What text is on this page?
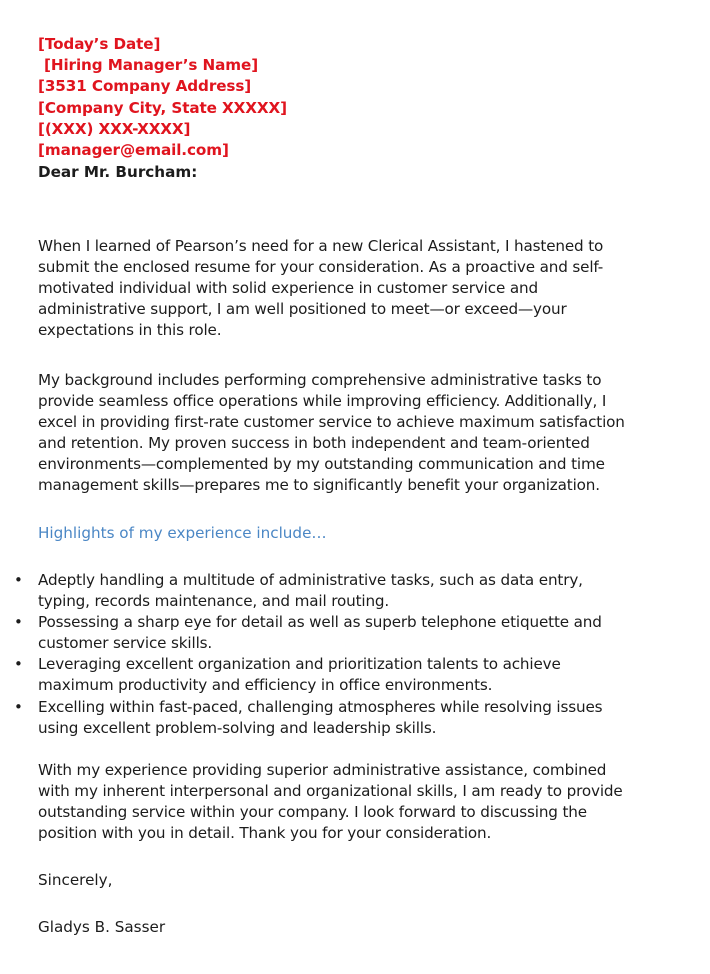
[Today’s Date]
[Hiring Manager’s Name]
[3531 Company Address]
[Company City, State XXXXX]
[(XXX) XXX-XXXX]
[manager@email.com]
Dear Mr. Burcham:
When I learned of Pearson’s need for a new Clerical Assistant, I hastened to
submit the enclosed resume for your consideration. As a proactive and self-
motivated individual with solid experience in customer service and
administrative support, I am well positioned to meet—or exceed—your
expectations in this role.
My background includes performing comprehensive administrative tasks to
provide seamless office operations while improving efficiency. Additionally, I
excel in providing first-rate customer service to achieve maximum satisfaction
and retention. My proven success in both independent and team-oriented
environments—complemented by my outstanding communication and time
management skills—prepares me to significantly benefit your organization.
Highlights of my experience include…
• Adeptly handling a multitude of administrative tasks, such as data entry,
typing, records maintenance, and mail routing.
• Possessing a sharp eye for detail as well as superb telephone etiquette and
customer service skills.
• Leveraging excellent organization and prioritization talents to achieve
maximum productivity and efficiency in office environments.
• Excelling within fast-paced, challenging atmospheres while resolving issues
using excellent problem-solving and leadership skills.
With my experience providing superior administrative assistance, combined
with my inherent interpersonal and organizational skills, I am ready to provide
outstanding service within your company. I look forward to discussing the
position with you in detail. Thank you for your consideration.
Sincerely,
Gladys B. Sasser
